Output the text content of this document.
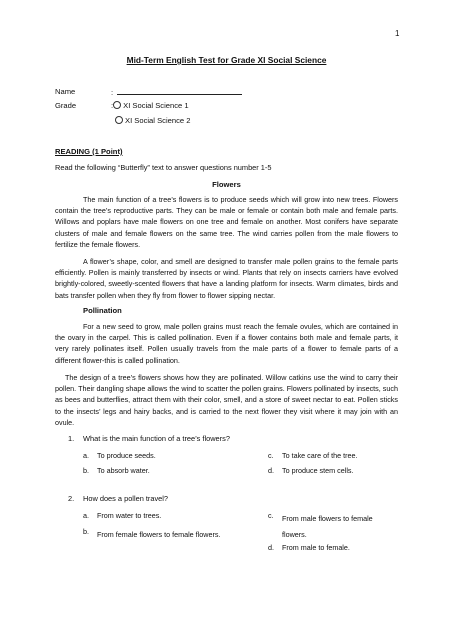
1
Mid-Term English Test for Grade XI Social Science
Name	:
Grade	: XI Social Science 1
XI Social Science 2
READING (1 Point)
Read the following “Butterfly” text to answer questions number 1-5
Flowers
The main function of a tree’s flowers is to produce seeds which will grow into new trees. Flowers contain the tree’s reproductive parts. They can be male or female or contain both male and female parts. Willows and poplars have male flowers on one tree and female on another. Most conifers have separate clusters of male and female flowers on the same tree. The wind carries pollen from the male flowers to fertilize the female flowers.
A flower’s shape, color, and smell are designed to transfer male pollen grains to the female parts efficiently. Pollen is mainly transferred by insects or wind. Plants that rely on insects carriers have evolved brightly-colored, sweetly-scented flowers that have a landing platform for insects. Warm climates, birds and bats transfer pollen when they fly from flower to flower sipping nectar.
Pollination
For a new seed to grow, male pollen grains must reach the female ovules, which are contained in the ovary in the carpel. This is called pollination. Even if a flower contains both male and female parts, it very rarely pollinates itself. Pollen usually travels from the male parts of a flower to female parts of a different flower-this is called pollination.
The design of a tree’s flowers shows how they are pollinated. Willow catkins use the wind to carry their pollen. Their dangling shape allows the wind to scatter the pollen grains. Flowers pollinated by insects, such as bees and butterflies, attract them with their color, smell, and a store of sweet nectar to eat. Pollen sticks to the insects’ legs and hairy backs, and is carried to the next flower they visit where it may join with an ovule.
1. What is the main function of a tree’s flowers?
a. To produce seeds.	c. To take care of the tree.
b. To absorb water.	d. To produce stem cells.
2. How does a pollen travel?
a. From water to trees.	c. From male flowers to female flowers.
b. From female flowers to female flowers.
d. From male to female.
